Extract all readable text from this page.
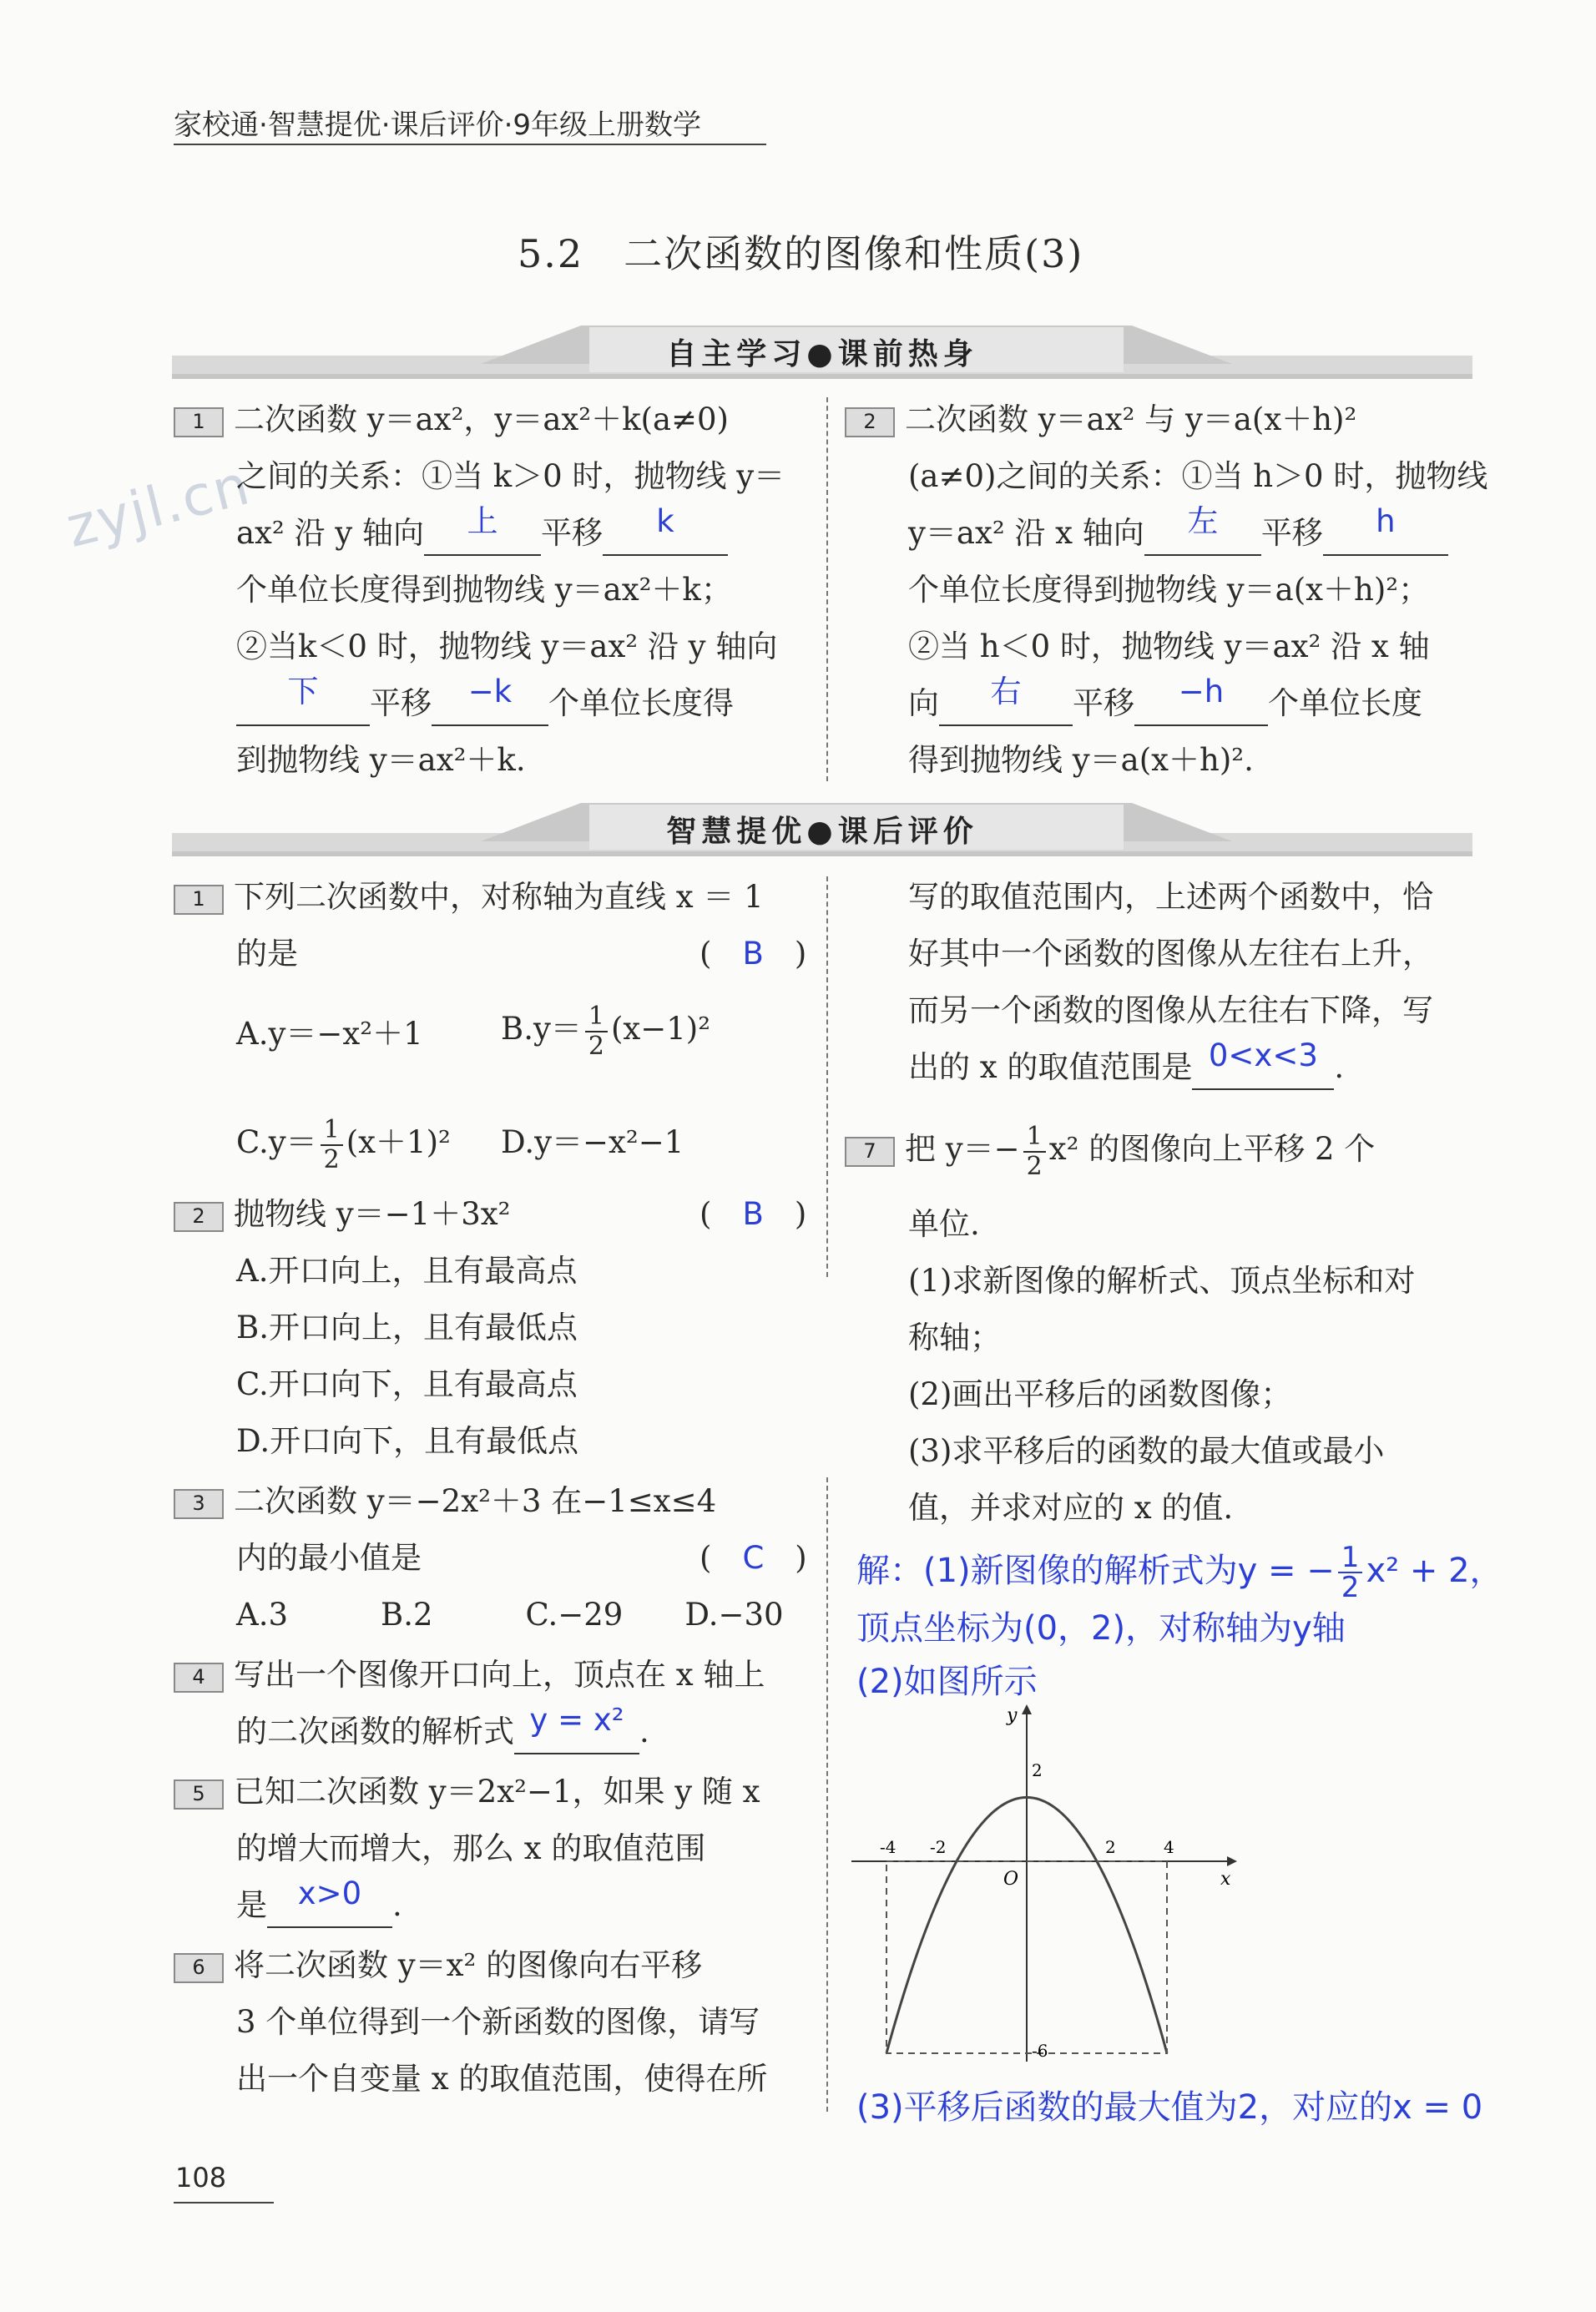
家校通·智慧提优·课后评价·9年级上册数学
5.2　二次函数的图像和性质(3)
zyjl.cn
自主学习●课前热身
1 二次函数 y＝ax²，y＝ax²＋k(a≠0)
之间的关系：①当 k＞0 时，抛物线 y＝
ax² 沿 y 轴向 上 平移 k
个单位长度得到抛物线 y＝ax²＋k；
②当k＜0 时，抛物线 y＝ax² 沿 y 轴向
下 平移 −k 个单位长度得
到抛物线 y＝ax²＋k.
2 二次函数 y＝ax² 与 y＝a(x＋h)²
(a≠0)之间的关系：①当 h＞0 时，抛物线
y＝ax² 沿 x 轴向 左 平移 h
个单位长度得到抛物线 y＝a(x＋h)²；
②当 h＜0 时，抛物线 y＝ax² 沿 x 轴
向 右 平移 −h 个单位长度
得到抛物线 y＝a(x＋h)².
智慧提优●课后评价
1 下列二次函数中，对称轴为直线 x ＝ 1
的是	(　B　)
A.y＝−x²＋1	$B.y= \frac{1}{2} (x-1)^2$
$C.y= \frac{1}{2} (x+1)^2$ D.y＝−x²−1
2 抛物线 y＝−1＋3x²	(　B　)
A.开口向上，且有最高点
B.开口向上，且有最低点
C.开口向下，且有最高点
D.开口向下，且有最低点
3 二次函数 y＝−2x²＋3 在−1≤x≤4
内的最小值是	(　C　)
A.3　　　B.2　　　C.−29　　D.−30
4 写出一个图像开口向上，顶点在 x 轴上
的二次函数的解析式 y = x² .
5 已知二次函数 y＝2x²−1，如果 y 随 x
的增大而增大，那么 x 的取值范围
是 x>0 .
6 将二次函数 y＝x² 的图像向右平移
3 个单位得到一个新函数的图像，请写
出一个自变量 x 的取值范围，使得在所
写的取值范围内，上述两个函数中，恰
好其中一个函数的图像从左往右上升，
而另一个函数的图像从左往右下降，写
出的 x 的取值范围是 0<x<3 .
7 把 $y=- \frac{1}{2} x^2$ 的图像向上平移 2 个
单位.
(1)求新图像的解析式、顶点坐标和对
称轴；
(2)画出平移后的函数图像；
(3)求平移后的函数的最大值或最小
值，并求对应的 x 的值.
解：(1)新图像的解析式为y = − $\frac{1}{2} x^2 + 2$，
顶点坐标为(0，2)，对称轴为y轴
(2)如图所示
(3)平移后函数的最大值为2，对应的x = 0
x
y
O
-4 -2	2	4
2
-6
108
